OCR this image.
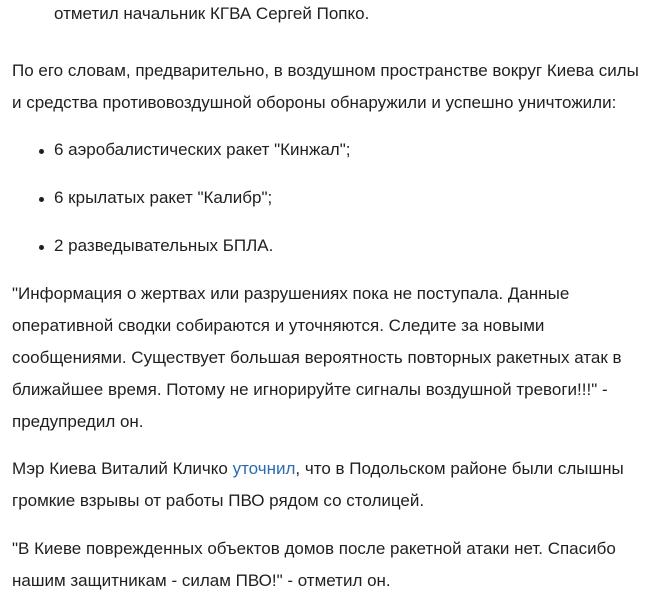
отметил начальник КГВА Сергей Попко.
По его словам, предварительно, в воздушном пространстве вокруг Киева силы
и средства противовоздушной обороны обнаружили и успешно уничтожили:
6 аэробалистических ракет "Кинжал";
6 крылатых ракет "Калибр";
2 разведывательных БПЛА.
"Информация о жертвах или разрушениях пока не поступала. Данные
оперативной сводки собираются и уточняются. Следите за новыми
сообщениями. Существует большая вероятность повторных ракетных атак в
ближайшее время. Потому не игнорируйте сигналы воздушной тревоги!!!" -
предупредил он.
Мэр Киева Виталий Кличко уточнил, что в Подольском районе были слышны
громкие взрывы от работы ПВО рядом со столицей.
"В Киеве поврежденных объектов домов после ракетной атаки нет. Спасибо
нашим защитникам - силам ПВО!" - отметил он.
